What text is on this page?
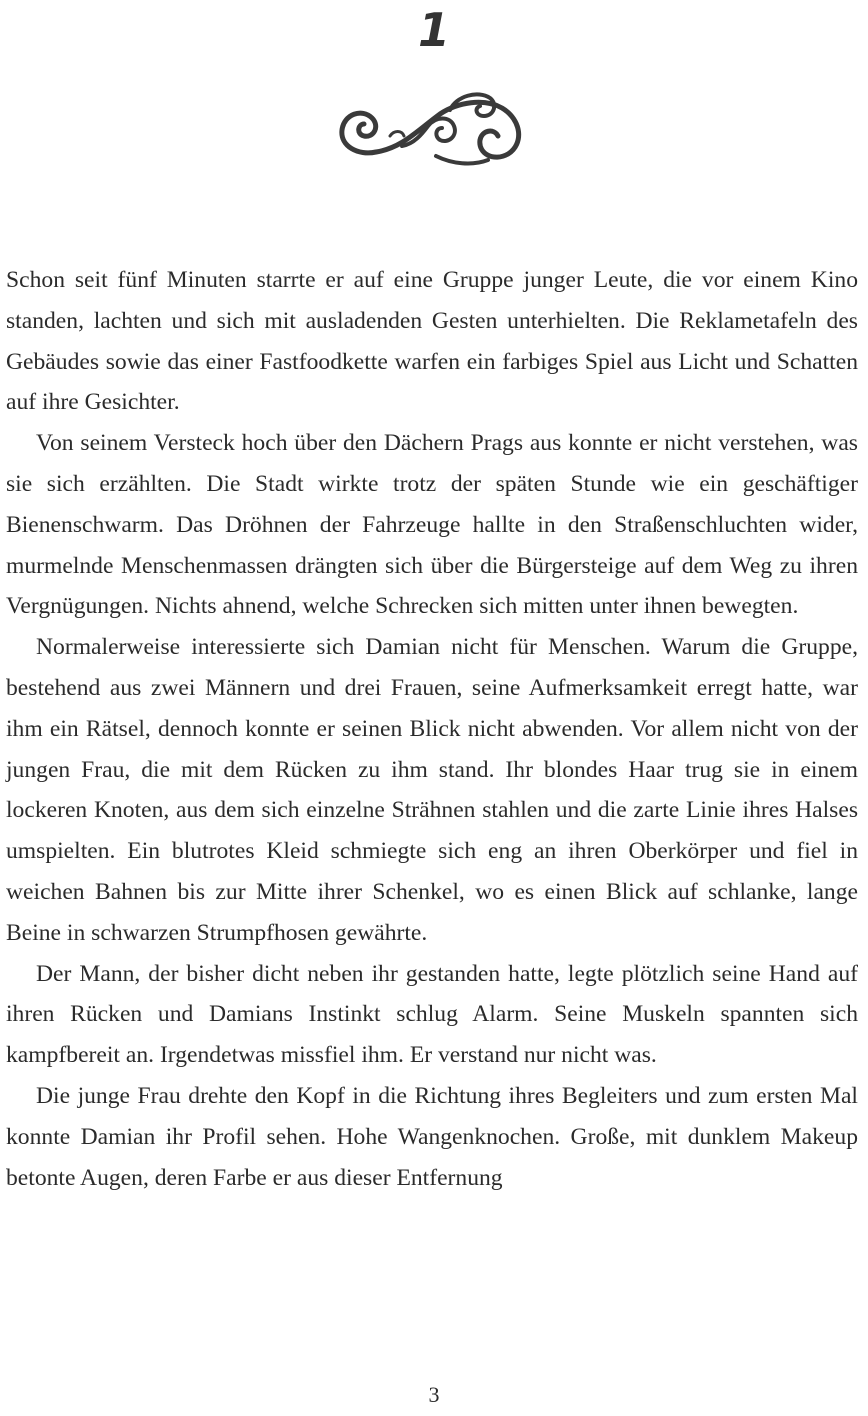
1

Schon seit fünf Minuten starrte er auf eine Gruppe junger Leute, die vor einem Kino standen, lachten und sich mit ausladenden Gesten unterhielten. Die Reklametafeln des Gebäudes sowie das einer Fastfoodkette warfen ein farbiges Spiel aus Licht und Schatten auf ihre Gesichter.

Von seinem Versteck hoch über den Dächern Prags aus konnte er nicht verstehen, was sie sich erzählten. Die Stadt wirkte trotz der späten Stunde wie ein geschäftiger Bienenschwarm. Das Dröhnen der Fahrzeuge hallte in den Straßenschluchten wider, murmelnde Menschenmassen drängten sich über die Bürgersteige auf dem Weg zu ihren Vergnügungen. Nichts ahnend, welche Schrecken sich mitten unter ihnen bewegten.

Normalerweise interessierte sich Damian nicht für Menschen. Warum die Gruppe, bestehend aus zwei Männern und drei Frauen, seine Aufmerksamkeit erregt hatte, war ihm ein Rätsel, dennoch konnte er seinen Blick nicht abwenden. Vor allem nicht von der jungen Frau, die mit dem Rücken zu ihm stand. Ihr blondes Haar trug sie in einem lockeren Knoten, aus dem sich einzelne Strähnen stahlen und die zarte Linie ihres Halses umspielten. Ein blutrotes Kleid schmiegte sich eng an ihren Oberkörper und fiel in weichen Bahnen bis zur Mitte ihrer Schenkel, wo es einen Blick auf schlanke, lange Beine in schwarzen Strumpfhosen gewährte.

Der Mann, der bisher dicht neben ihr gestanden hatte, legte plötzlich seine Hand auf ihren Rücken und Damians Instinkt schlug Alarm. Seine Muskeln spannten sich kampfbereit an. Irgendetwas missfiel ihm. Er verstand nur nicht was.

Die junge Frau drehte den Kopf in die Richtung ihres Begleiters und zum ersten Mal konnte Damian ihr Profil sehen. Hohe Wangenknochen. Große, mit dunklem Makeup betonte Augen, deren Farbe er aus dieser Entfernung

3
